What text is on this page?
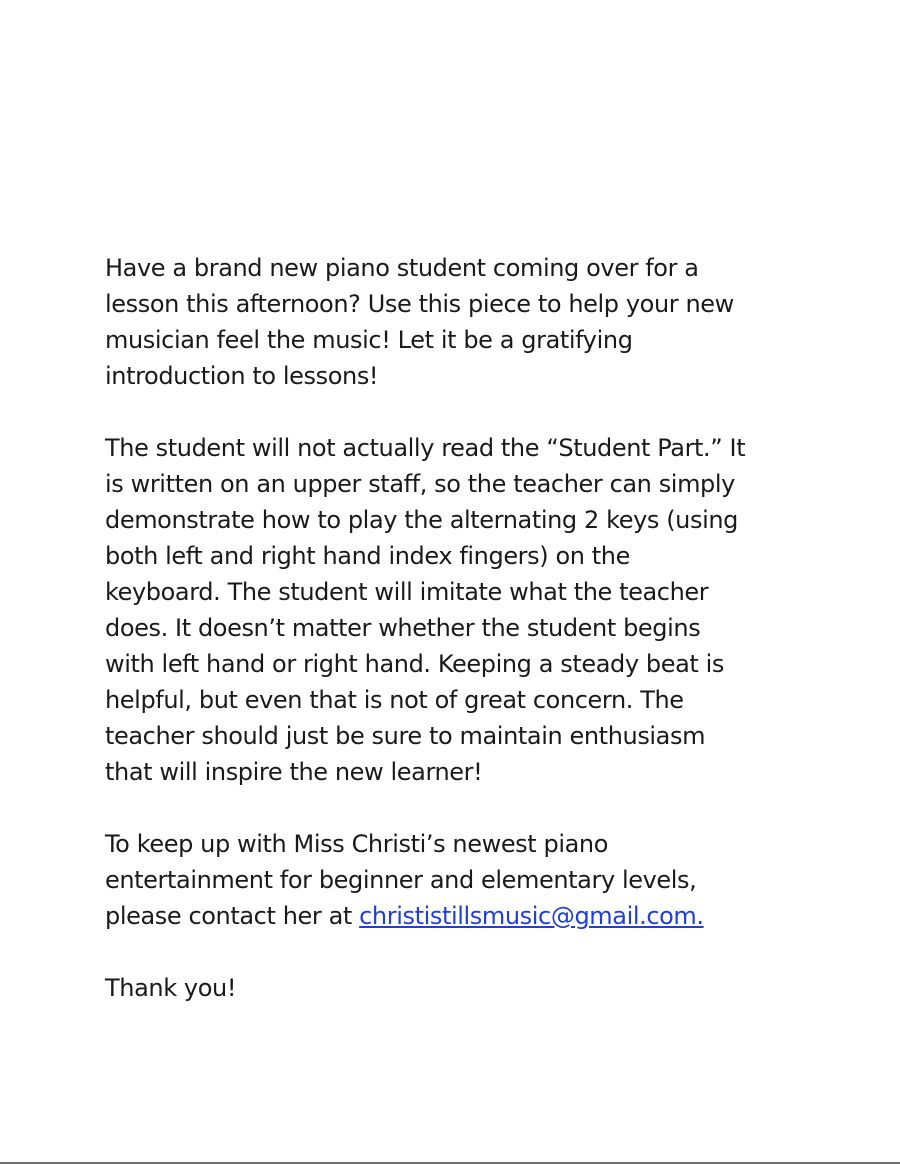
Have a brand new piano student coming over for a
lesson this afternoon? Use this piece to help your new
musician feel the music! Let it be a gratifying
introduction to lessons!

The student will not actually read the “Student Part.” It
is written on an upper staff, so the teacher can simply
demonstrate how to play the alternating 2 keys (using
both left and right hand index fingers) on the
keyboard. The student will imitate what the teacher
does. It doesn’t matter whether the student begins
with left hand or right hand. Keeping a steady beat is
helpful, but even that is not of great concern. The
teacher should just be sure to maintain enthusiasm
that will inspire the new learner!

To keep up with Miss Christi’s newest piano
entertainment for beginner and elementary levels,
please contact her at christistillsmusic@gmail.com.

Thank you!
